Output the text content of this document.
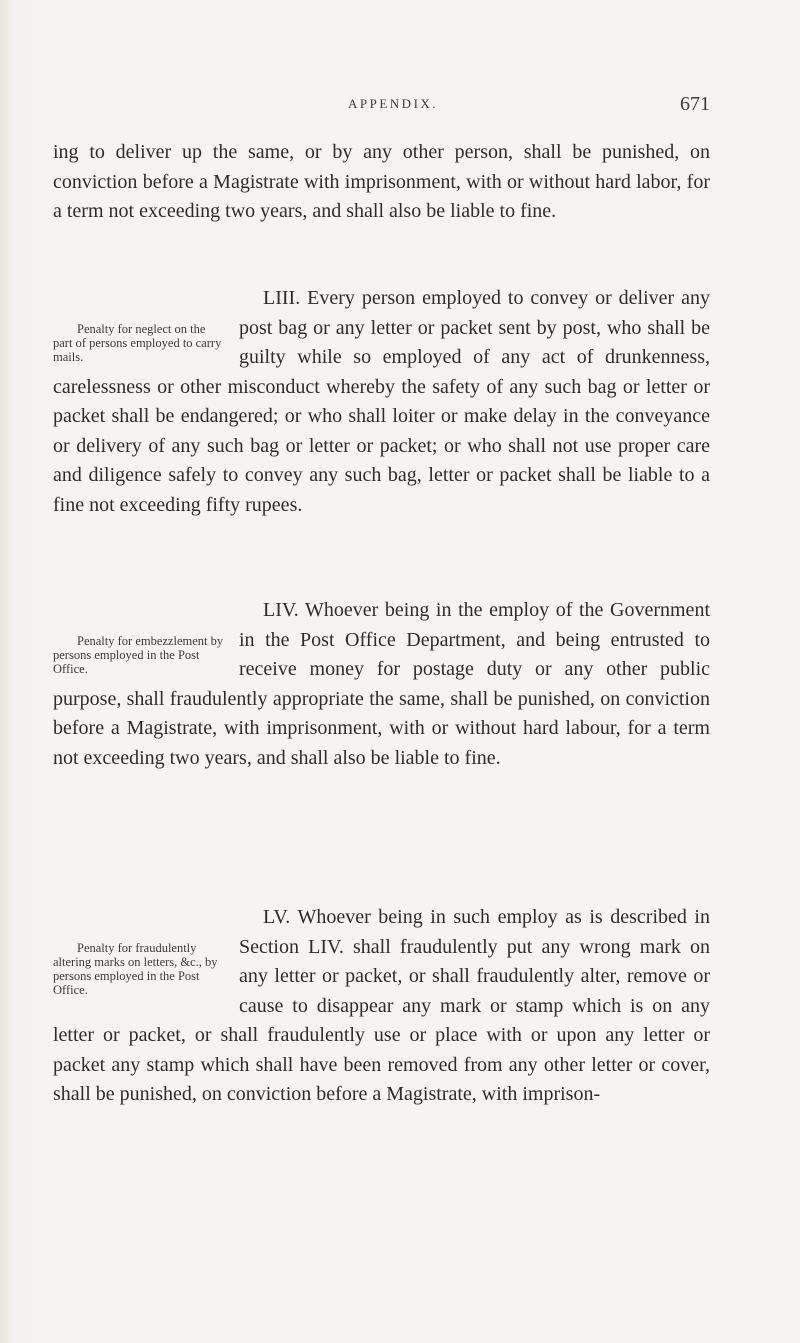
APPENDIX.	671

ing to deliver up the same, or by any other person, shall be punished, on conviction before a Magistrate with imprisonment, with or without hard labor, for a term not exceeding two years, and shall also be liable to fine.

Penalty for neglect on the part of persons employed to carry mails.
LIII. Every person employed to convey or deliver any post bag or any letter or packet sent by post, who shall be guilty while so employed of any act of drunkenness, carelessness or other misconduct whereby the safety of any such bag or letter or packet shall be endangered; or who shall loiter or make delay in the conveyance or delivery of any such bag or letter or packet; or who shall not use proper care and diligence safely to convey any such bag, letter or packet shall be liable to a fine not exceeding fifty rupees.

Penalty for embezzlement by persons employed in the Post Office.
LIV. Whoever being in the employ of the Government in the Post Office Department, and being entrusted to receive money for postage duty or any other public purpose, shall fraudulently appropriate the same, shall be punished, on conviction before a Magistrate, with imprisonment, with or without hard labour, for a term not exceeding two years, and shall also be liable to fine.

Penalty for fraudulently altering marks on letters, &c., by persons employed in the Post Office.
LV. Whoever being in such employ as is described in Section LIV. shall fraudulently put any wrong mark on any letter or packet, or shall fraudulently alter, remove or cause to disappear any mark or stamp which is on any letter or packet, or shall fraudulently use or place with or upon any letter or packet any stamp which shall have been removed from any other letter or cover, shall be punished, on conviction before a Magistrate, with imprison-
